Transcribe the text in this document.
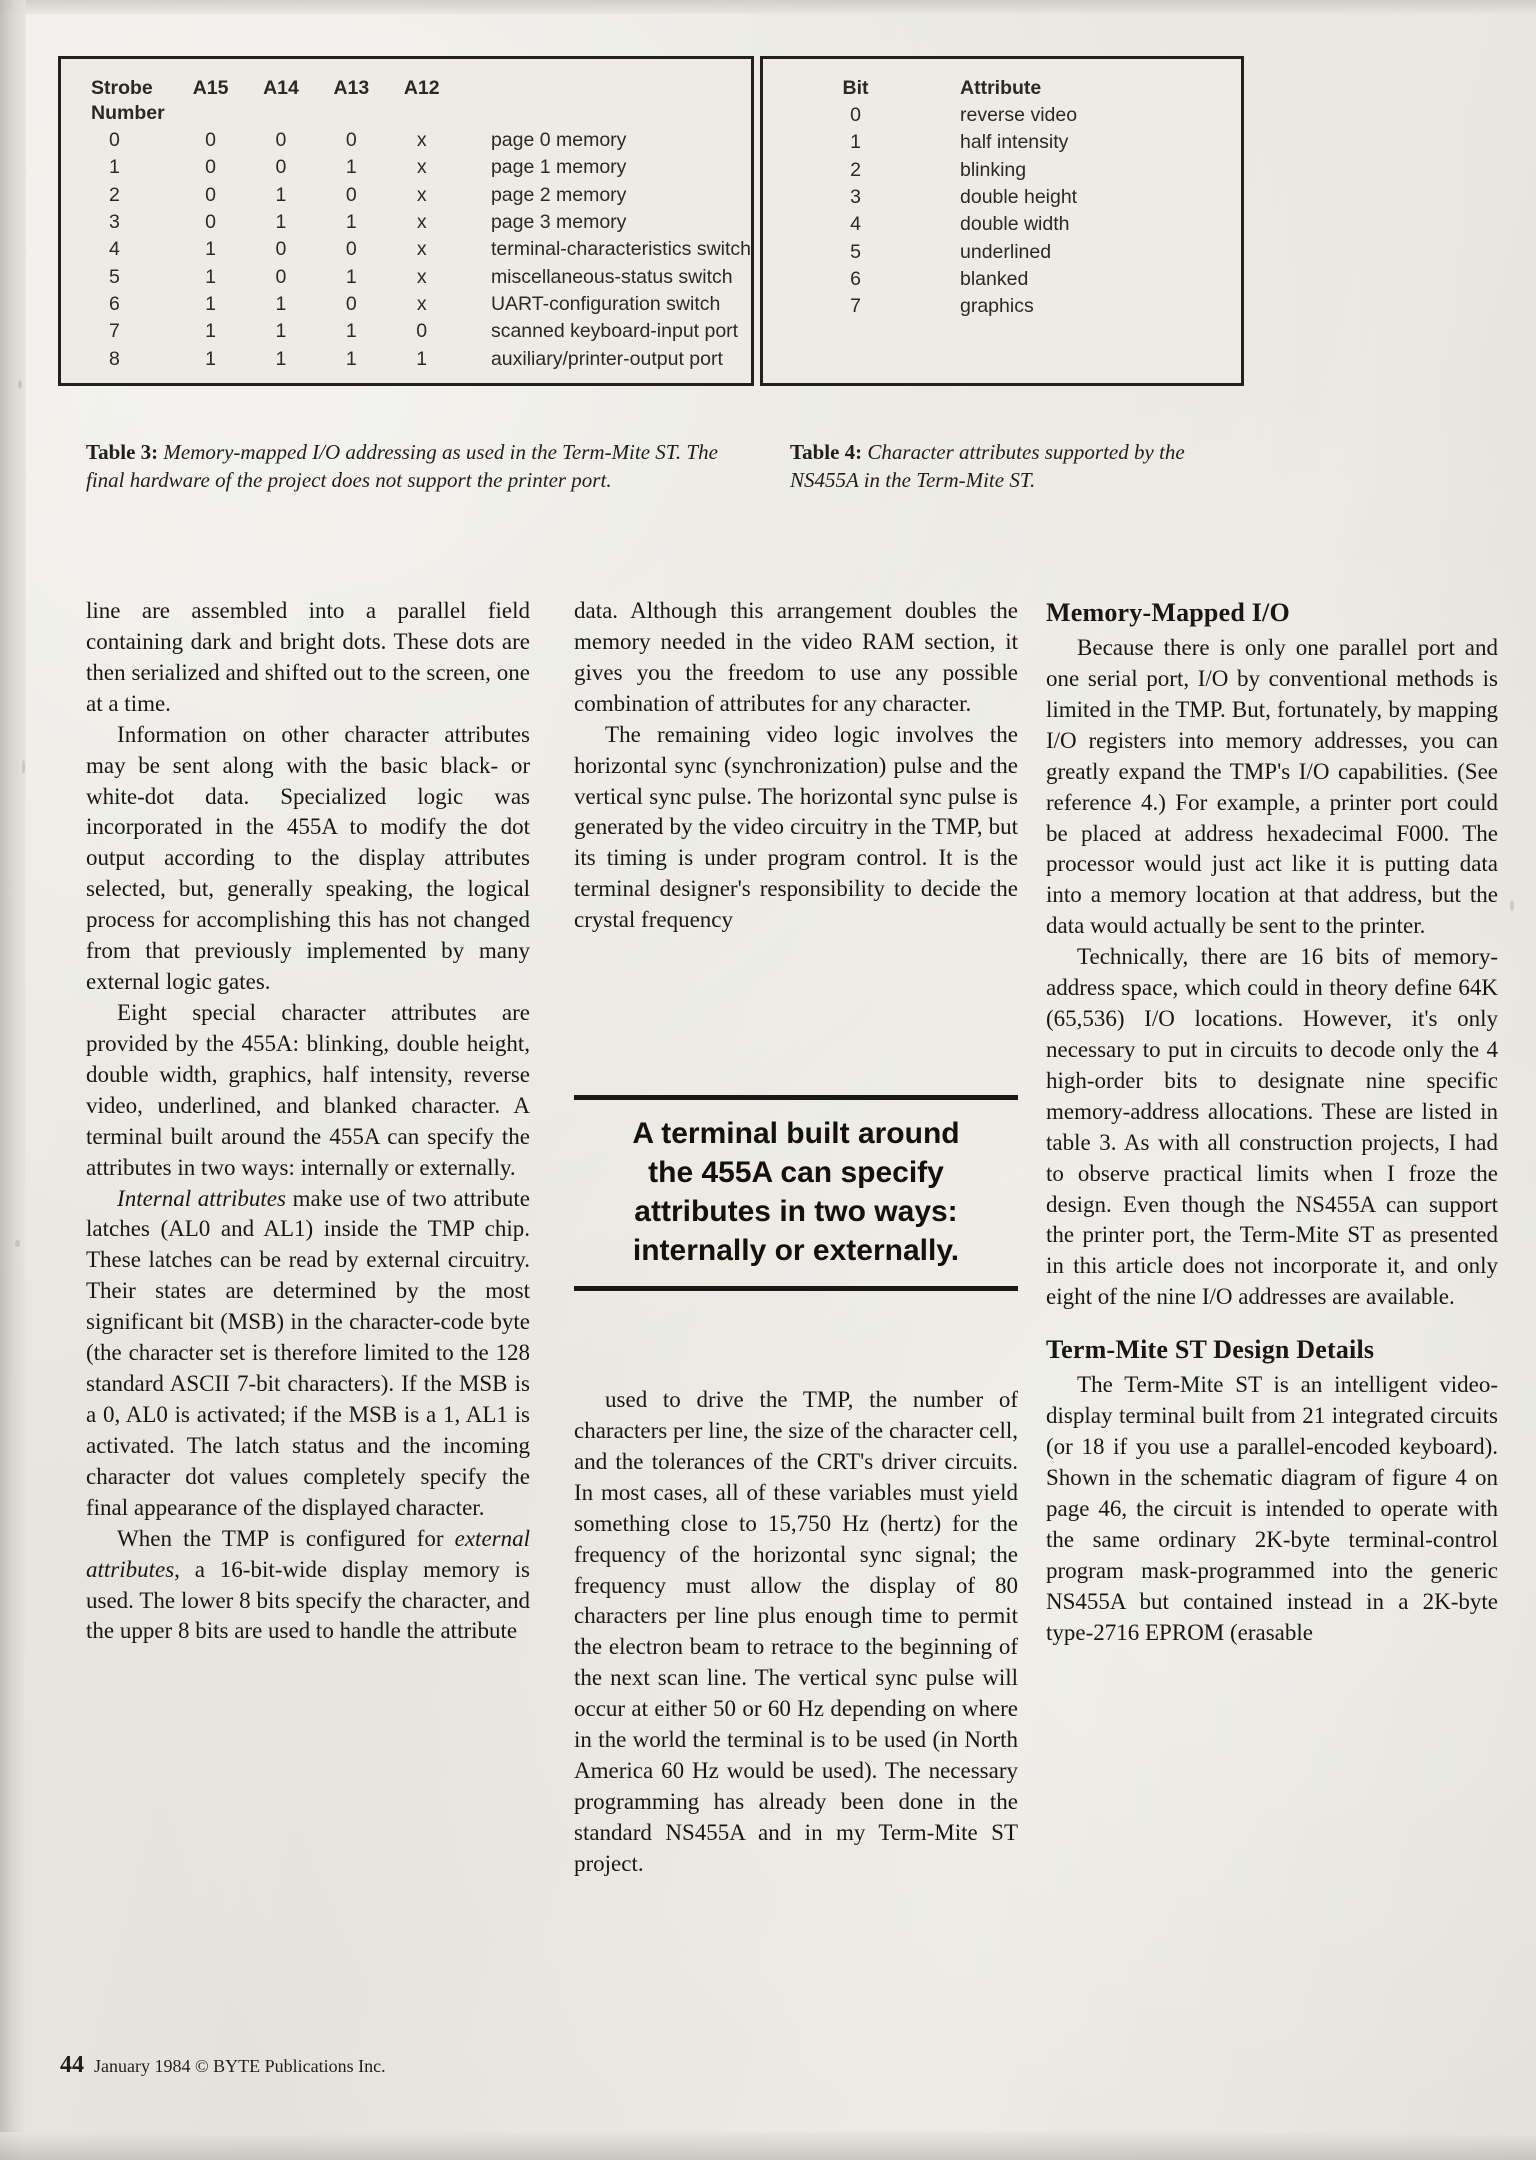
Strobe	A15	A14	A13	A12	
Number					
0	0	0	0	x	page 0 memory
1	0	0	1	x	page 1 memory
2	0	1	0	x	page 2 memory
3	0	1	1	x	page 3 memory
4	1	0	0	x	terminal-characteristics switch
5	1	0	1	x	miscellaneous-status switch
6	1	1	0	x	UART-configuration switch
7	1	1	1	0	scanned keyboard-input port
8	1	1	1	1	auxiliary/printer-output port
Bit	Attribute
0	reverse video
1	half intensity
2	blinking
3	double height
4	double width
5	underlined
6	blanked
7	graphics
Table 3: Memory-mapped I/O addressing as used in the Term-Mite ST. The final hardware of the project does not support the printer port.
Table 4: Character attributes supported by the NS455A in the Term-Mite ST.

line are assembled into a parallel field containing dark and bright dots. These dots are then serialized and shifted out to the screen, one at a time.

Information on other character attributes may be sent along with the basic black- or white-dot data. Specialized logic was incorporated in the 455A to modify the dot output according to the display attributes selected, but, generally speaking, the logical process for accomplishing this has not changed from that previously implemented by many external logic gates.

Eight special character attributes are provided by the 455A: blinking, double height, double width, graphics, half intensity, reverse video, underlined, and blanked character. A terminal built around the 455A can specify the attributes in two ways: internally or externally.

Internal attributes make use of two attribute latches (AL0 and AL1) inside the TMP chip. These latches can be read by external circuitry. Their states are determined by the most significant bit (MSB) in the character-code byte (the character set is therefore limited to the 128 standard ASCII 7-bit characters). If the MSB is a 0, AL0 is activated; if the MSB is a 1, AL1 is activated. The latch status and the incoming character dot values completely specify the final appearance of the displayed character.

When the TMP is configured for external attributes, a 16-bit-wide display memory is used. The lower 8 bits specify the character, and the upper 8 bits are used to handle the attribute

data. Although this arrangement doubles the memory needed in the video RAM section, it gives you the freedom to use any possible combination of attributes for any character.

The remaining video logic involves the horizontal sync (synchronization) pulse and the vertical sync pulse. The horizontal sync pulse is generated by the video circuitry in the TMP, but its timing is under program control. It is the terminal designer's responsibility to decide the crystal frequency

A terminal built around
the 455A can specify
attributes in two ways:
internally or externally.

used to drive the TMP, the number of characters per line, the size of the character cell, and the tolerances of the CRT's driver circuits. In most cases, all of these variables must yield something close to 15,750 Hz (hertz) for the frequency of the horizontal sync signal; the frequency must allow the display of 80 characters per line plus enough time to permit the electron beam to retrace to the beginning of the next scan line. The vertical sync pulse will occur at either 50 or 60 Hz depending on where in the world the terminal is to be used (in North America 60 Hz would be used). The necessary programming has already been done in the standard NS455A and in my Term-Mite ST project.

Memory-Mapped I/O

Because there is only one parallel port and one serial port, I/O by conventional methods is limited in the TMP. But, fortunately, by mapping I/O registers into memory addresses, you can greatly expand the TMP's I/O capabilities. (See reference 4.) For example, a printer port could be placed at address hexadecimal F000. The processor would just act like it is putting data into a memory location at that address, but the data would actually be sent to the printer.

Technically, there are 16 bits of memory-address space, which could in theory define 64K (65,536) I/O locations. However, it's only necessary to put in circuits to decode only the 4 high-order bits to designate nine specific memory-address allocations. These are listed in table 3. As with all construction projects, I had to observe practical limits when I froze the design. Even though the NS455A can support the printer port, the Term-Mite ST as presented in this article does not incorporate it, and only eight of the nine I/O addresses are available.

Term-Mite ST Design Details

The Term-Mite ST is an intelligent video-display terminal built from 21 integrated circuits (or 18 if you use a parallel-encoded keyboard). Shown in the schematic diagram of figure 4 on page 46, the circuit is intended to operate with the same ordinary 2K-byte terminal-control program mask-programmed into the generic NS455A but contained instead in a 2K-byte type-2716 EPROM (erasable

44 January 1984 © BYTE Publications Inc.
